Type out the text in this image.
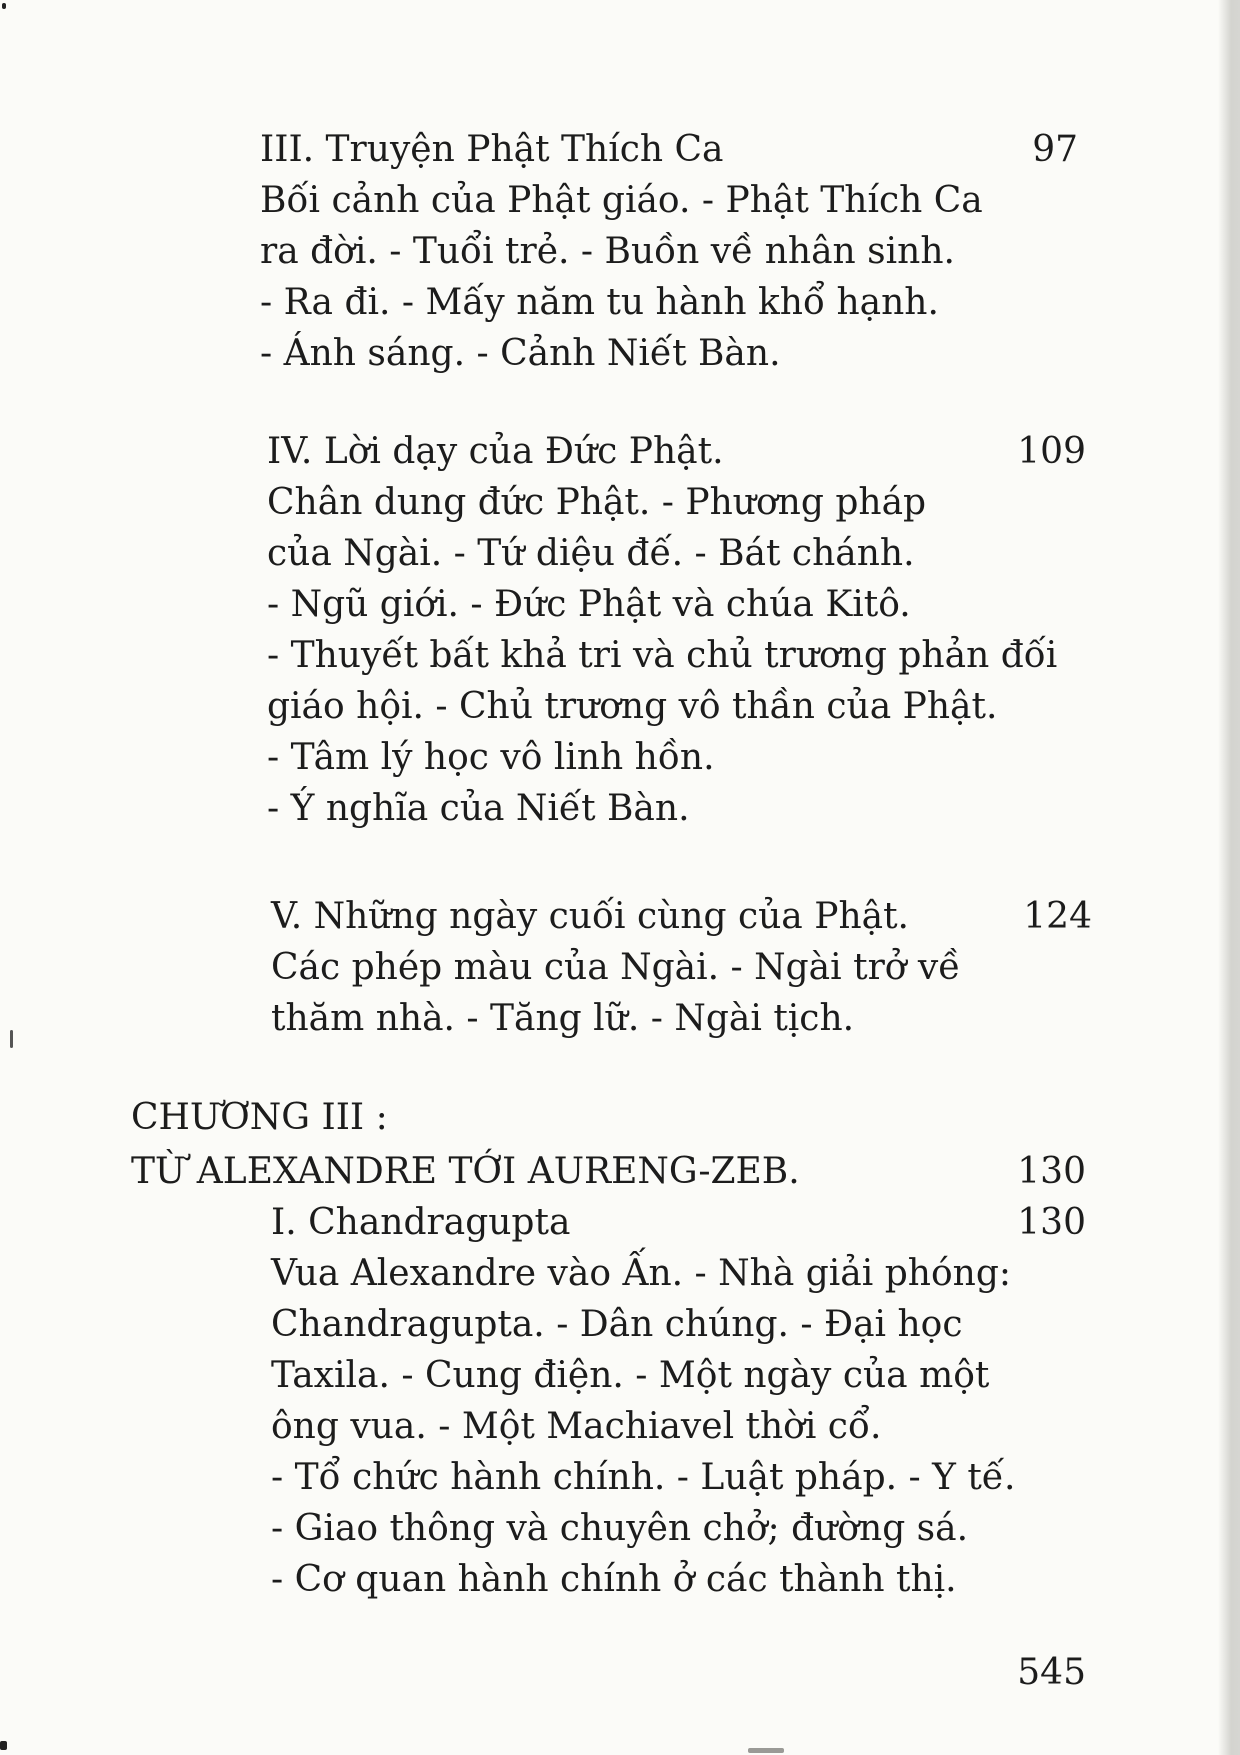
III. Truyện Phật Thích Ca
Bối cảnh của Phật giáo. - Phật Thích Ca
ra đời. - Tuổi trẻ. - Buồn về nhân sinh.
- Ra đi. - Mấy năm tu hành khổ hạnh.
- Ánh sáng. - Cảnh Niết Bàn.
97
IV. Lời dạy của Đức Phật.
Chân dung đức Phật. - Phương pháp
của Ngài. - Tứ diệu đế. - Bát chánh.
- Ngũ giới. - Đức Phật và chúa Kitô.
- Thuyết bất khả tri và chủ trương phản đối
giáo hội. - Chủ trương vô thần của Phật.
- Tâm lý học vô linh hồn.
- Ý nghĩa của Niết Bàn.
109
V. Những ngày cuối cùng của Phật.
Các phép màu của Ngài. - Ngài trở về
thăm nhà. - Tăng lữ. - Ngài tịch.
124
CHƯƠNG III :
TỪ ALEXANDRE TỚI AURENG-ZEB.	130
I. Chandragupta
Vua Alexandre vào Ấn. - Nhà giải phóng:
Chandragupta. - Dân chúng. - Đại học
Taxila. - Cung điện. - Một ngày của một
ông vua. - Một Machiavel thời cổ.
- Tổ chức hành chính. - Luật pháp. - Y tế.
- Giao thông và chuyên chở; đường sá.
- Cơ quan hành chính ở các thành thị.
130
545
